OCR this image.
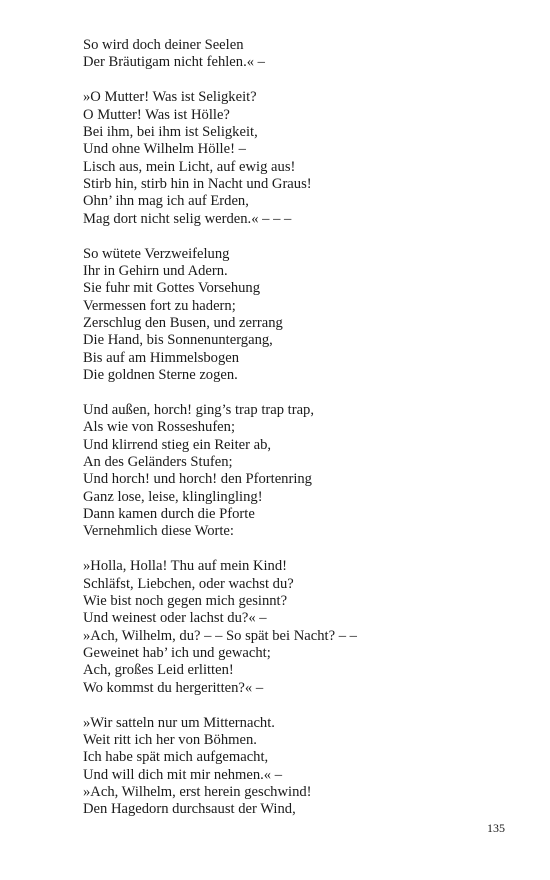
So wird doch deiner Seelen
Der Bräutigam nicht fehlen.« –
»O Mutter! Was ist Seligkeit?
O Mutter! Was ist Hölle?
Bei ihm, bei ihm ist Seligkeit,
Und ohne Wilhelm Hölle! –
Lisch aus, mein Licht, auf ewig aus!
Stirb hin, stirb hin in Nacht und Graus!
Ohn’ ihn mag ich auf Erden,
Mag dort nicht selig werden.« – – –
So wütete Verzweifelung
Ihr in Gehirn und Adern.
Sie fuhr mit Gottes Vorsehung
Vermessen fort zu hadern;
Zerschlug den Busen, und zerrang
Die Hand, bis Sonnenuntergang,
Bis auf am Himmelsbogen
Die goldnen Sterne zogen.
Und außen, horch! ging’s trap trap trap,
Als wie von Rosseshufen;
Und klirrend stieg ein Reiter ab,
An des Geländers Stufen;
Und horch! und horch! den Pfortenring
Ganz lose, leise, klinglingling!
Dann kamen durch die Pforte
Vernehmlich diese Worte:
»Holla, Holla! Thu auf mein Kind!
Schläfst, Liebchen, oder wachst du?
Wie bist noch gegen mich gesinnt?
Und weinest oder lachst du?« –
»Ach, Wilhelm, du? – – So spät bei Nacht? – –
Geweinet hab’ ich und gewacht;
Ach, großes Leid erlitten!
Wo kommst du hergeritten?« –
»Wir satteln nur um Mitternacht.
Weit ritt ich her von Böhmen.
Ich habe spät mich aufgemacht,
Und will dich mit mir nehmen.« –
»Ach, Wilhelm, erst herein geschwind!
Den Hagedorn durchsaust der Wind,
135
